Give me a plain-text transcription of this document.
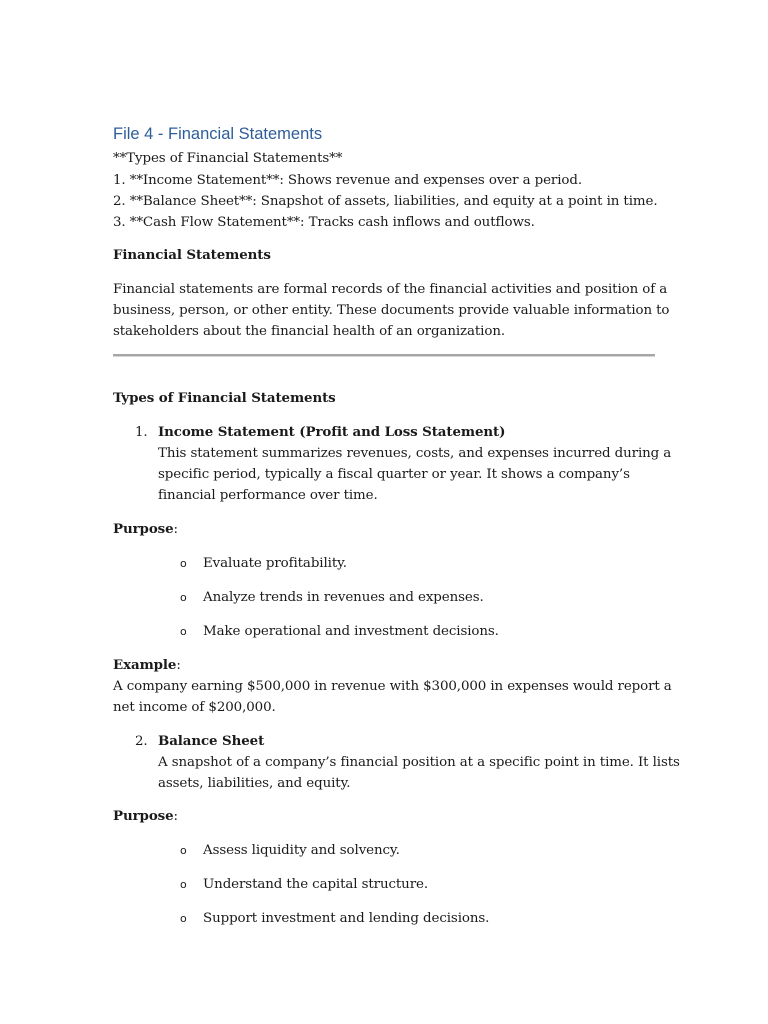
File 4 - Financial Statements
**Types of Financial Statements**
1. **Income Statement**: Shows revenue and expenses over a period.
2. **Balance Sheet**: Snapshot of assets, liabilities, and equity at a point in time.
3. **Cash Flow Statement**: Tracks cash inflows and outflows.
Financial Statements
Financial statements are formal records of the financial activities and position of a
business, person, or other entity. These documents provide valuable information to
stakeholders about the financial health of an organization.
Types of Financial Statements
1. Income Statement (Profit and Loss Statement)
This statement summarizes revenues, costs, and expenses incurred during a
specific period, typically a fiscal quarter or year. It shows a company’s
financial performance over time.
Purpose:
o Evaluate profitability.
o Analyze trends in revenues and expenses.
o Make operational and investment decisions.
Example:
A company earning $500,000 in revenue with $300,000 in expenses would report a
net income of $200,000.
2. Balance Sheet
A snapshot of a company’s financial position at a specific point in time. It lists
assets, liabilities, and equity.
Purpose:
o Assess liquidity and solvency.
o Understand the capital structure.
o Support investment and lending decisions.
